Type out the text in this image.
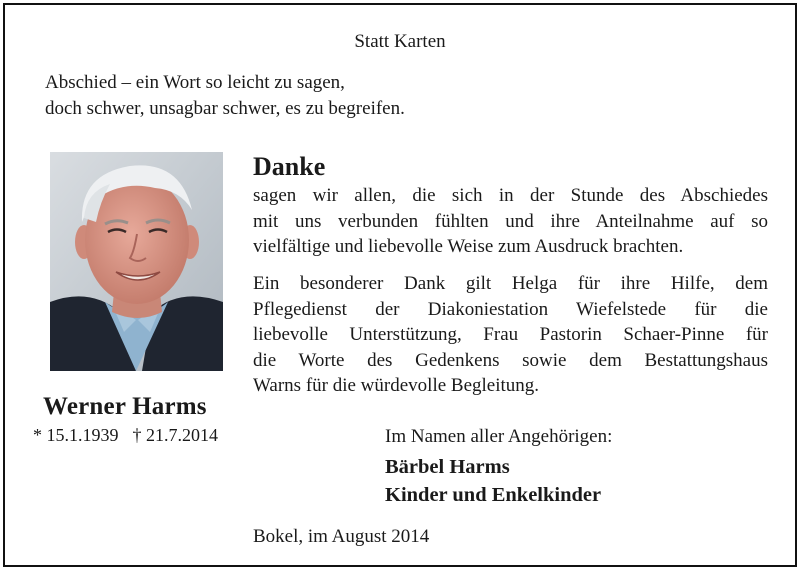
Statt Karten
Abschied – ein Wort so leicht zu sagen,
doch schwer, unsagbar schwer, es zu begreifen.
Werner Harms
* 15.1.1939 † 21.7.2014
Danke
sagen wir allen, die sich in der Stunde des Abschiedes
mit uns verbunden fühlten und ihre Anteilnahme auf so
vielfältige und liebevolle Weise zum Ausdruck brachten.
Ein besonderer Dank gilt Helga für ihre Hilfe, dem
Pflegedienst der Diakoniestation Wiefelstede für die
liebevolle Unterstützung, Frau Pastorin Schaer-Pinne für
die Worte des Gedenkens sowie dem Bestattungshaus
Warns für die würdevolle Begleitung.
Im Namen aller Angehörigen:
Bärbel Harms
Kinder und Enkelkinder
Bokel, im August 2014
